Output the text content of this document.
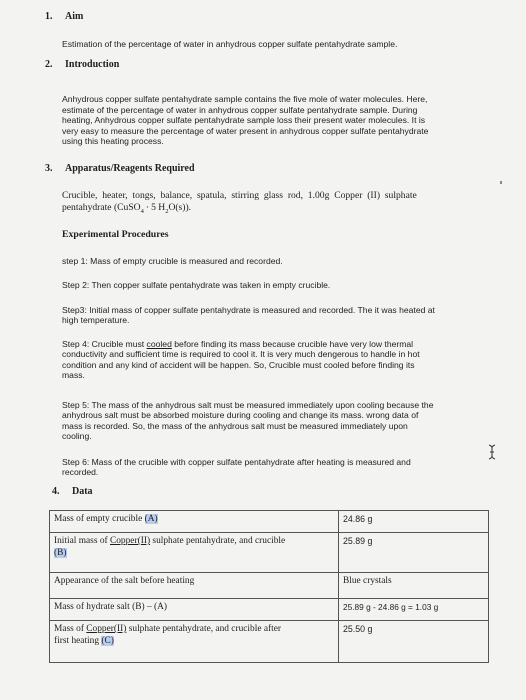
1. Aim
Estimation of the percentage of water in anhydrous copper sulfate pentahydrate sample.
2. Introduction
Anhydrous copper sulfate pentahydrate sample contains the five mole of water molecules. Here,
estimate of the percentage of water in anhydrous copper sulfate pentahydrate sample. During
heating, Anhydrous copper sulfate pentahydrate sample loss their present water molecules. It is
very easy to measure the percentage of water present in anhydrous copper sulfate pentahydrate
using this heating process.
3. Apparatus/Reagents Required
Crucible, heater, tongs, balance, spatula, stirring glass rod, 1.00g Copper (II) sulphate
pentahydrate (CuSO$_4$ · 5 $H_2O(s)$).
Experimental Procedures
step 1: Mass of empty crucible is measured and recorded.
Step 2: Then copper sulfate pentahydrate was taken in empty crucible.
Step3: Initial mass of copper sulfate pentahydrate is measured and recorded. The it was heated at
high temperature.
Step 4: Crucible must cooled before finding its mass because crucible have very low thermal
conductivity and sufficient time is required to cool it. It is very much dengerous to handle in hot
condition and any kind of accident will be happen. So, Crucible must cooled before finding its
mass.
Step 5: The mass of the anhydrous salt must be measured immediately upon cooling because the
anhydrous salt must be absorbed moisture during cooling and change its mass. wrong data of
mass is recorded. So, the mass of the anhydrous salt must be measured immediately upon
cooling.
Step 6: Mass of the crucible with copper sulfate pentahydrate after heating is measured and
recorded.
4. Data
Mass of empty crucible (A)	24.86 g
Initial mass of Copper(II) sulphate pentahydrate, and crucible
(B)	25.89 g
Appearance of the salt before heating	Blue crystals
Mass of hydrate salt (B) – (A)	25.89 g - 24.86 g = 1.03 g
Mass of Copper(II) sulphate pentahydrate, and crucible after
first heating (C)	25.50 g
